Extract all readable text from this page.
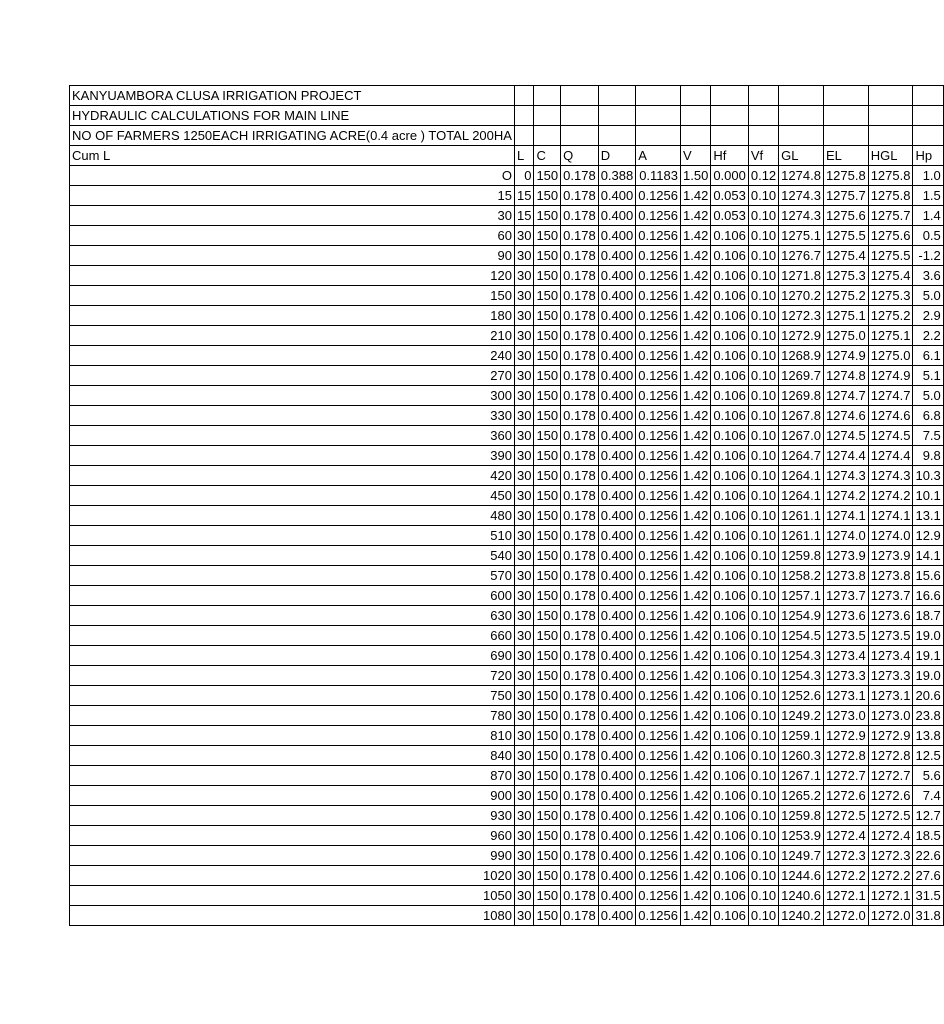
KANYUAMBORA CLUSA IRRIGATION PROJECT												
HYDRAULIC CALCULATIONS FOR MAIN LINE												
NO OF FARMERS 1250EACH IRRIGATING ACRE(0.4 acre ) TOTAL 200HA												
Cum L	L	C	Q	D	A	V	Hf	Vf	GL	EL	HGL	Hp
O	0	150	0.178	0.388	0.1183	1.50	0.000	0.12	1274.8	1275.8	1275.8	1.0
15	15	150	0.178	0.400	0.1256	1.42	0.053	0.10	1274.3	1275.7	1275.8	1.5
30	15	150	0.178	0.400	0.1256	1.42	0.053	0.10	1274.3	1275.6	1275.7	1.4
60	30	150	0.178	0.400	0.1256	1.42	0.106	0.10	1275.1	1275.5	1275.6	0.5
90	30	150	0.178	0.400	0.1256	1.42	0.106	0.10	1276.7	1275.4	1275.5	-1.2
120	30	150	0.178	0.400	0.1256	1.42	0.106	0.10	1271.8	1275.3	1275.4	3.6
150	30	150	0.178	0.400	0.1256	1.42	0.106	0.10	1270.2	1275.2	1275.3	5.0
180	30	150	0.178	0.400	0.1256	1.42	0.106	0.10	1272.3	1275.1	1275.2	2.9
210	30	150	0.178	0.400	0.1256	1.42	0.106	0.10	1272.9	1275.0	1275.1	2.2
240	30	150	0.178	0.400	0.1256	1.42	0.106	0.10	1268.9	1274.9	1275.0	6.1
270	30	150	0.178	0.400	0.1256	1.42	0.106	0.10	1269.7	1274.8	1274.9	5.1
300	30	150	0.178	0.400	0.1256	1.42	0.106	0.10	1269.8	1274.7	1274.7	5.0
330	30	150	0.178	0.400	0.1256	1.42	0.106	0.10	1267.8	1274.6	1274.6	6.8
360	30	150	0.178	0.400	0.1256	1.42	0.106	0.10	1267.0	1274.5	1274.5	7.5
390	30	150	0.178	0.400	0.1256	1.42	0.106	0.10	1264.7	1274.4	1274.4	9.8
420	30	150	0.178	0.400	0.1256	1.42	0.106	0.10	1264.1	1274.3	1274.3	10.3
450	30	150	0.178	0.400	0.1256	1.42	0.106	0.10	1264.1	1274.2	1274.2	10.1
480	30	150	0.178	0.400	0.1256	1.42	0.106	0.10	1261.1	1274.1	1274.1	13.1
510	30	150	0.178	0.400	0.1256	1.42	0.106	0.10	1261.1	1274.0	1274.0	12.9
540	30	150	0.178	0.400	0.1256	1.42	0.106	0.10	1259.8	1273.9	1273.9	14.1
570	30	150	0.178	0.400	0.1256	1.42	0.106	0.10	1258.2	1273.8	1273.8	15.6
600	30	150	0.178	0.400	0.1256	1.42	0.106	0.10	1257.1	1273.7	1273.7	16.6
630	30	150	0.178	0.400	0.1256	1.42	0.106	0.10	1254.9	1273.6	1273.6	18.7
660	30	150	0.178	0.400	0.1256	1.42	0.106	0.10	1254.5	1273.5	1273.5	19.0
690	30	150	0.178	0.400	0.1256	1.42	0.106	0.10	1254.3	1273.4	1273.4	19.1
720	30	150	0.178	0.400	0.1256	1.42	0.106	0.10	1254.3	1273.3	1273.3	19.0
750	30	150	0.178	0.400	0.1256	1.42	0.106	0.10	1252.6	1273.1	1273.1	20.6
780	30	150	0.178	0.400	0.1256	1.42	0.106	0.10	1249.2	1273.0	1273.0	23.8
810	30	150	0.178	0.400	0.1256	1.42	0.106	0.10	1259.1	1272.9	1272.9	13.8
840	30	150	0.178	0.400	0.1256	1.42	0.106	0.10	1260.3	1272.8	1272.8	12.5
870	30	150	0.178	0.400	0.1256	1.42	0.106	0.10	1267.1	1272.7	1272.7	5.6
900	30	150	0.178	0.400	0.1256	1.42	0.106	0.10	1265.2	1272.6	1272.6	7.4
930	30	150	0.178	0.400	0.1256	1.42	0.106	0.10	1259.8	1272.5	1272.5	12.7
960	30	150	0.178	0.400	0.1256	1.42	0.106	0.10	1253.9	1272.4	1272.4	18.5
990	30	150	0.178	0.400	0.1256	1.42	0.106	0.10	1249.7	1272.3	1272.3	22.6
1020	30	150	0.178	0.400	0.1256	1.42	0.106	0.10	1244.6	1272.2	1272.2	27.6
1050	30	150	0.178	0.400	0.1256	1.42	0.106	0.10	1240.6	1272.1	1272.1	31.5
1080	30	150	0.178	0.400	0.1256	1.42	0.106	0.10	1240.2	1272.0	1272.0	31.8
